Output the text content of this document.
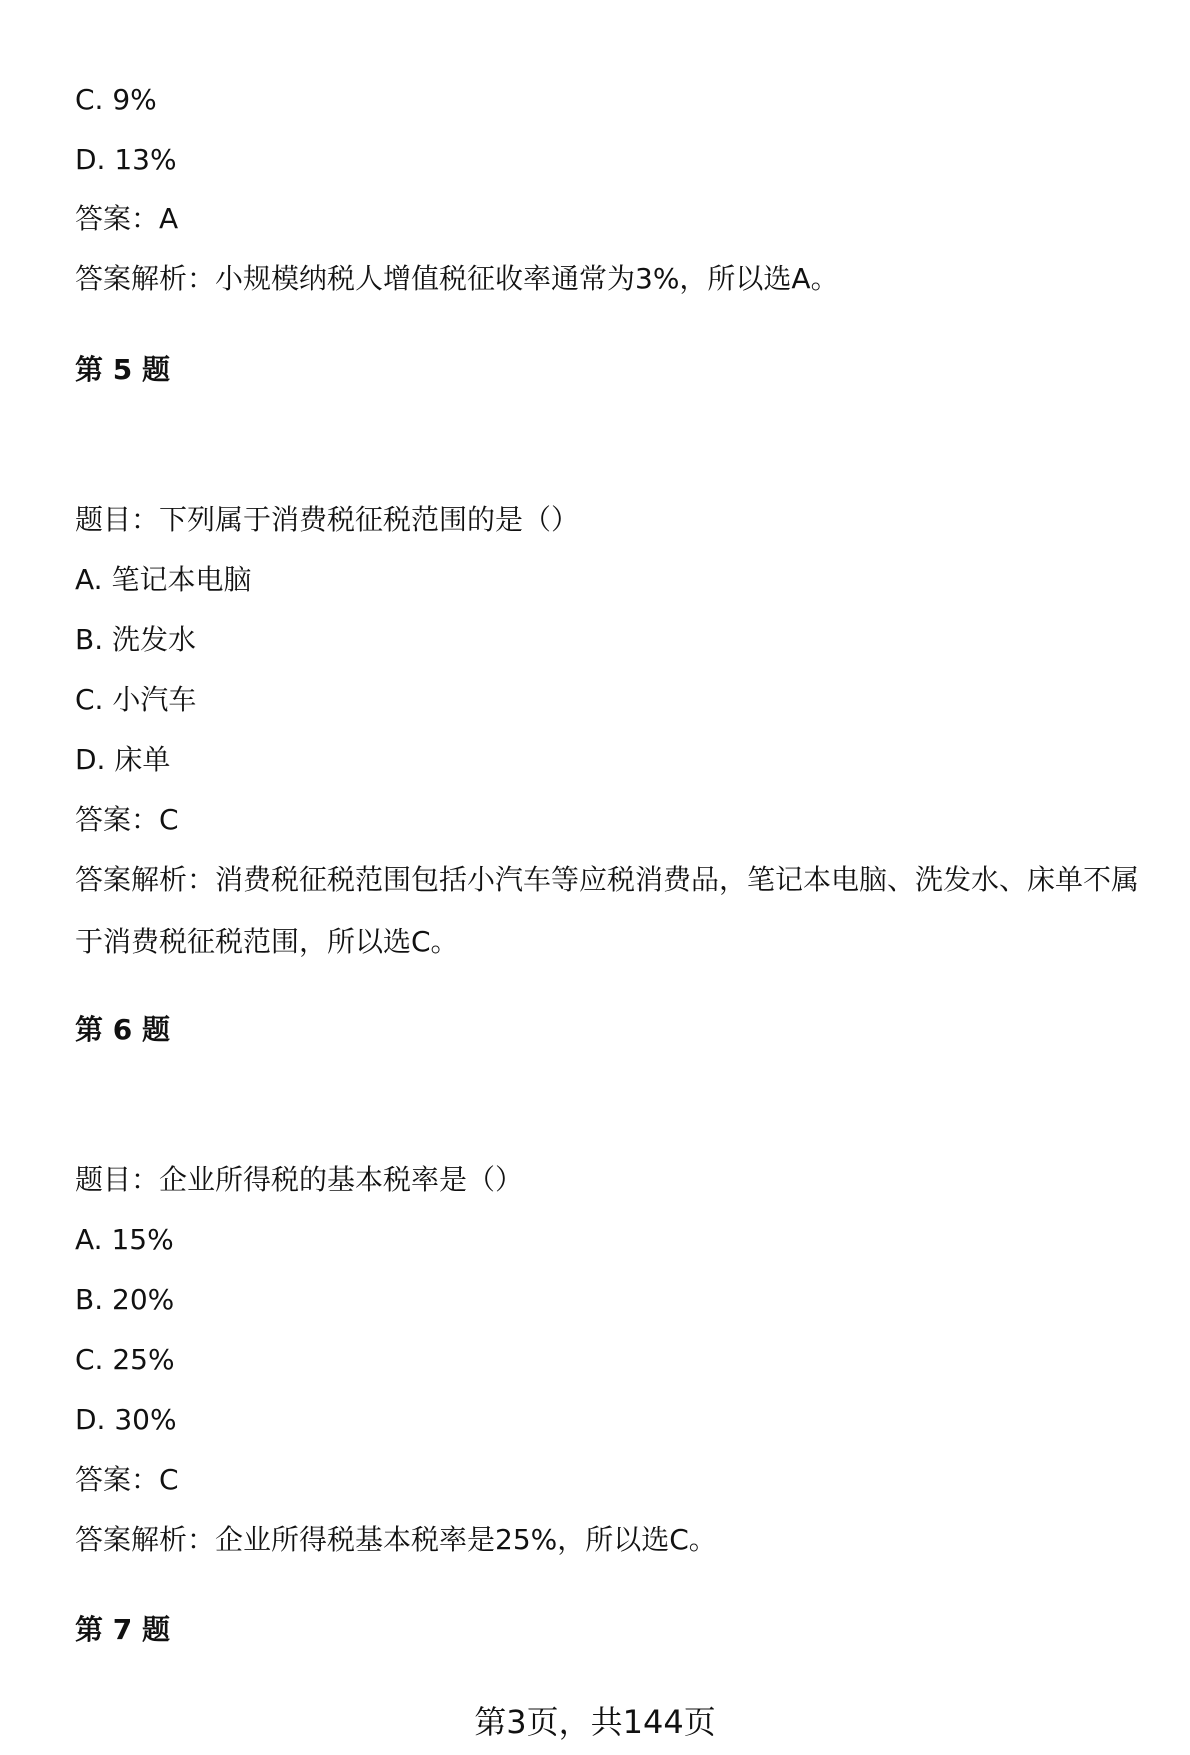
C. 9%
D. 13%
答案：A
答案解析：小规模纳税人增值税征收率通常为3%，所以选A。
第 5 题
题目：下列属于消费税征税范围的是（）
A. 笔记本电脑
B. 洗发水
C. 小汽车
D. 床单
答案：C
答案解析：消费税征税范围包括小汽车等应税消费品，笔记本电脑、洗发水、床单不属于消费税征税范围，所以选C。
第 6 题
题目：企业所得税的基本税率是（）
A. 15%
B. 20%
C. 25%
D. 30%
答案：C
答案解析：企业所得税基本税率是25%，所以选C。
第 7 题
第3页，共144页
